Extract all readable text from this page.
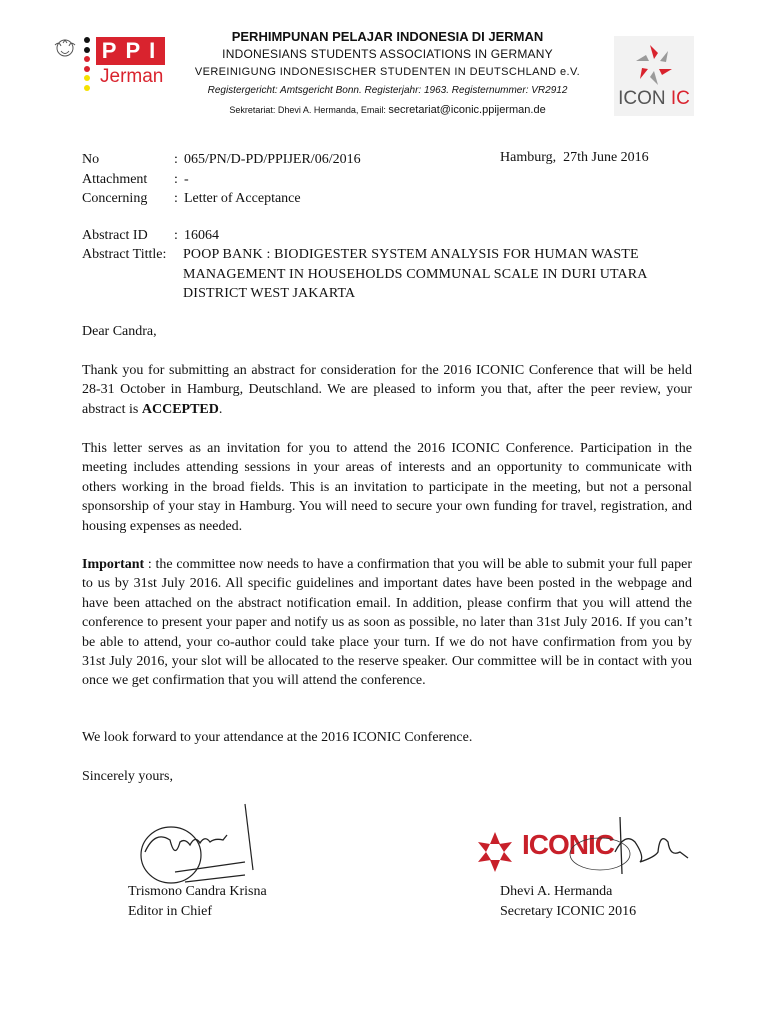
PPI
Jerman
PERHIMPUNAN PELAJAR INDONESIA DI JERMAN
INDONESIANS STUDENTS ASSOCIATIONS IN GERMANY
VEREINIGUNG INDONESISCHER STUDENTEN IN DEUTSCHLAND e.V.
Registergericht: Amtsgericht Bonn. Registerjahr: 1963. Registernummer: VR2912
Sekretariat: Dhevi A. Hermanda, Email: secretariat@iconic.ppijerman.de
ICON IC
No	: 065/PN/D-PD/PPIJER/06/2016
Attachment	: -
Concerning	: Letter of Acceptance
Hamburg,  27th June 2016
Abstract ID	: 16064
Abstract Tittle: POOP BANK : BIODIGESTER SYSTEM ANALYSIS FOR HUMAN WASTE MANAGEMENT IN HOUSEHOLDS COMMUNAL SCALE IN DURI UTARA DISTRICT WEST JAKARTA

Dear Candra,

Thank you for submitting an abstract for consideration for the 2016 ICONIC Conference that will be held 28-31 October in Hamburg, Deutschland. We are pleased to inform you that, after the peer review, your abstract is ACCEPTED.

This letter serves as an invitation for you to attend the 2016 ICONIC Conference. Participation in the meeting includes attending sessions in your areas of interests and an opportunity to communicate with others working in the broad fields. This is an invitation to participate in the meeting, but not a personal sponsorship of your stay in Hamburg. You will need to secure your own funding for travel, registration, and housing expenses as needed.

Important : the committee now needs to have a confirmation that you will be able to submit your full paper to us by 31st July 2016. All specific guidelines and important dates have been posted in the webpage and have been attached on the abstract notification email. In addition, please confirm that you will attend the conference to present your paper and notify us as soon as possible, no later than 31st July 2016. If you can’t be able to attend, your co-author could take place your turn. If we do not have confirmation from you by 31st July 2016, your slot will be allocated to the reserve speaker. Our committee will be in contact with you once we get confirmation that you will attend the conference.

We look forward to your attendance at the 2016 ICONIC Conference.

Sincerely yours,

Trismono Candra Krisna
Editor in Chief
ICONIC
Dhevi A. Hermanda
Secretary ICONIC 2016
